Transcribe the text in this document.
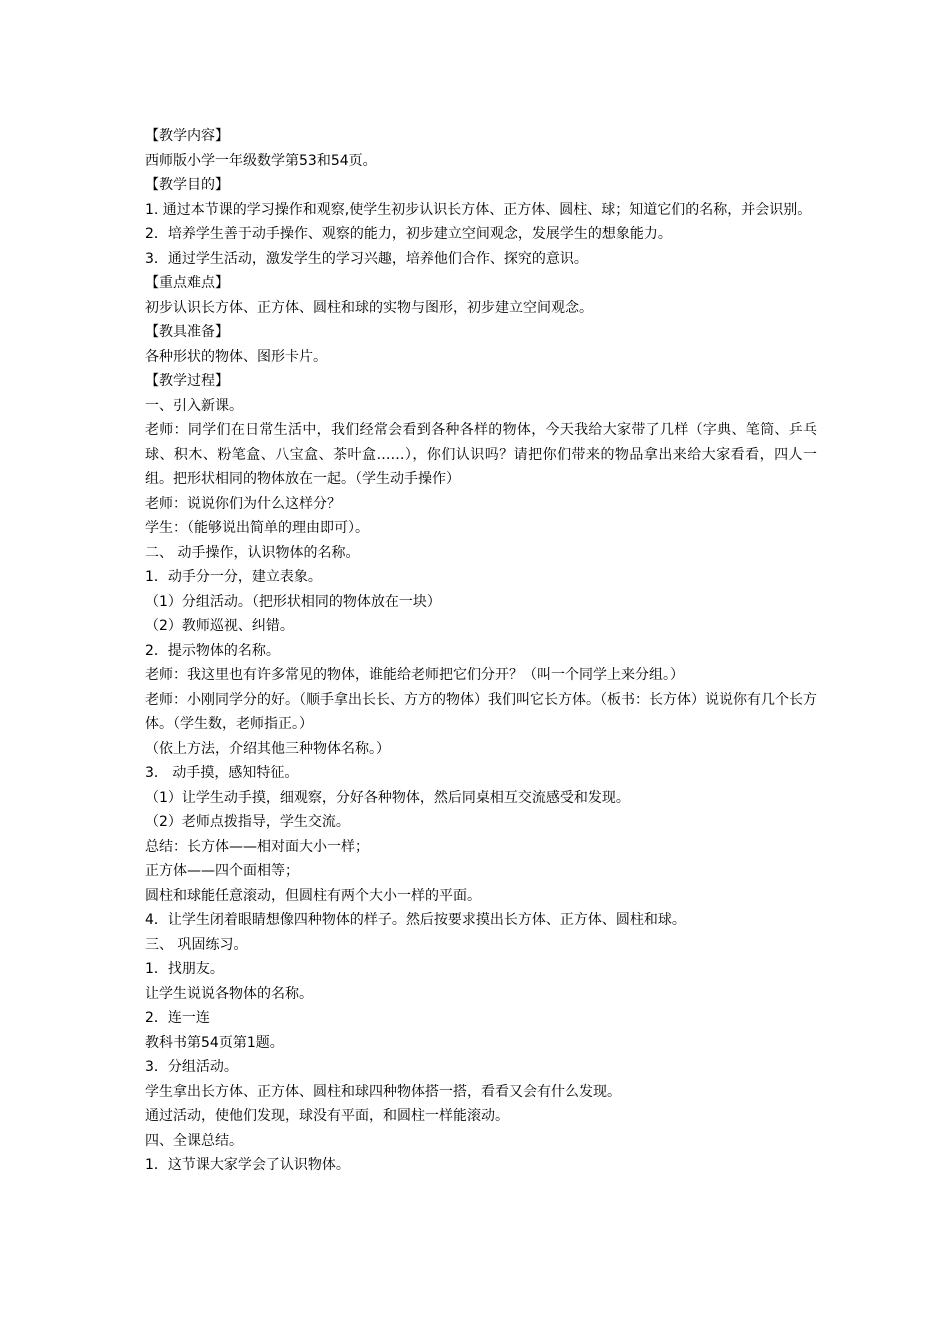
【教学内容】

西师版小学一年级数学第53和54页。

【教学目的】

1. 通过本节课的学习操作和观察,使学生初步认识长方体、正方体、圆柱、球；知道它们的名称，并会识别。

2．培养学生善于动手操作、观察的能力，初步建立空间观念，发展学生的想象能力。

3．通过学生活动，激发学生的学习兴趣，培养他们合作、探究的意识。

【重点难点】

初步认识长方体、正方体、圆柱和球的实物与图形，初步建立空间观念。

【教具准备】

各种形状的物体、图形卡片。

【教学过程】

一、引入新课。

老师：同学们在日常生活中，我们经常会看到各种各样的物体，今天我给大家带了几样（字典、笔筒、乒乓球、积木、粉笔盒、八宝盒、茶叶盒……），你们认识吗？请把你们带来的物品拿出来给大家看看，四人一组。把形状相同的物体放在一起。（学生动手操作）

老师：说说你们为什么这样分？

学生：（能够说出简单的理由即可）。

二、 动手操作，认识物体的名称。

1．动手分一分，建立表象。

（1）分组活动。（把形状相同的物体放在一块）

（2）教师巡视、纠错。

2．提示物体的名称。

老师：我这里也有许多常见的物体，谁能给老师把它们分开？（叫一个同学上来分组。）

老师：小刚同学分的好。（顺手拿出长长、方方的物体）我们叫它长方体。（板书：长方体）说说你有几个长方体。（学生数，老师指正。）

（依上方法，介绍其他三种物体名称。）

3． 动手摸，感知特征。

（1）让学生动手摸，细观察，分好各种物体，然后同桌相互交流感受和发现。

（2）老师点拨指导，学生交流。

总结：长方体——相对面大小一样；

正方体——四个面相等；

圆柱和球能任意滚动，但圆柱有两个大小一样的平面。

4．让学生闭着眼睛想像四种物体的样子。然后按要求摸出长方体、正方体、圆柱和球。

三、 巩固练习。

1．找朋友。

让学生说说各物体的名称。

2．连一连

教科书第54页第1题。

3．分组活动。

学生拿出长方体、正方体、圆柱和球四种物体搭一搭，看看又会有什么发现。

通过活动，使他们发现，球没有平面，和圆柱一样能滚动。

四、全课总结。

1．这节课大家学会了认识物体。
